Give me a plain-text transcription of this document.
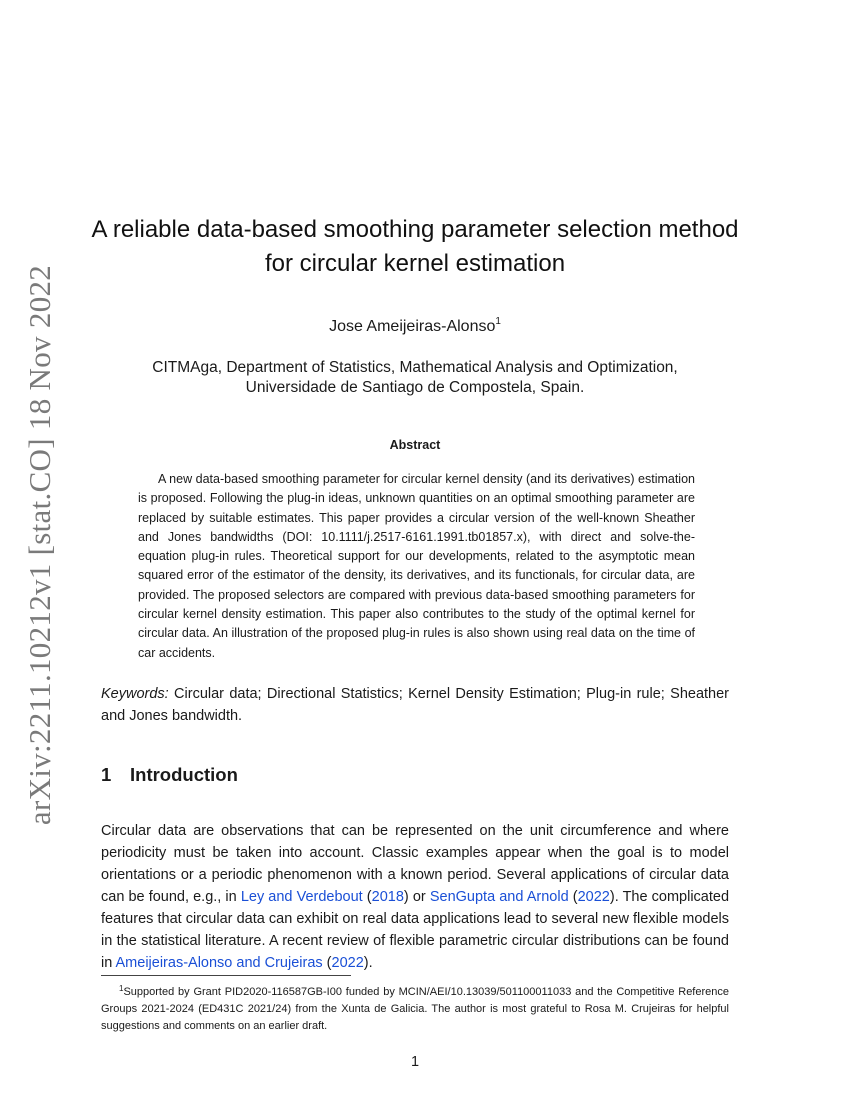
arXiv:2211.10212v1 [stat.CO] 18 Nov 2022
A reliable data-based smoothing parameter selection method
for circular kernel estimation
Jose Ameijeiras-Alonso$^1$
CITMAga, Department of Statistics, Mathematical Analysis and Optimization,
Universidade de Santiago de Compostela, Spain.
Abstract

A new data-based smoothing parameter for circular kernel density (and its derivatives) estimation is proposed. Following the plug-in ideas, unknown quantities on an optimal smoothing parameter are replaced by suitable estimates. This paper provides a circular version of the well-known Sheather and Jones bandwidths (DOI: 10.1111/j.2517-6161.1991.tb01857.x), with direct and solve-the-equation plug-in rules. Theoretical support for our developments, related to the asymptotic mean squared error of the estimator of the density, its derivatives, and its functionals, for circular data, are provided. The proposed selectors are compared with previous data-based smoothing parameters for circular kernel density estimation. This paper also contributes to the study of the optimal kernel for circular data. An illustration of the proposed plug-in rules is also shown using real data on the time of car accidents.

Keywords: Circular data; Directional Statistics; Kernel Density Estimation; Plug-in rule; Sheather and Jones bandwidth.

1 Introduction

Circular data are observations that can be represented on the unit circumference and where periodicity must be taken into account. Classic examples appear when the goal is to model orientations or a periodic phenomenon with a known period. Several applications of circular data can be found, e.g., in Ley and Verdebout (2018) or SenGupta and Arnold (2022). The complicated features that circular data can exhibit on real data applications lead to several new flexible models in the statistical literature. A recent review of flexible parametric circular distributions can be found in Ameijeiras-Alonso and Crujeiras (2022).

$^1$Supported by Grant PID2020-116587GB-I00 funded by MCIN/AEI/10.13039/501100011033 and the Competitive Reference Groups 2021-2024 (ED431C 2021/24) from the Xunta de Galicia. The author is most grateful to Rosa M. Crujeiras for helpful suggestions and comments on an earlier draft.

1
